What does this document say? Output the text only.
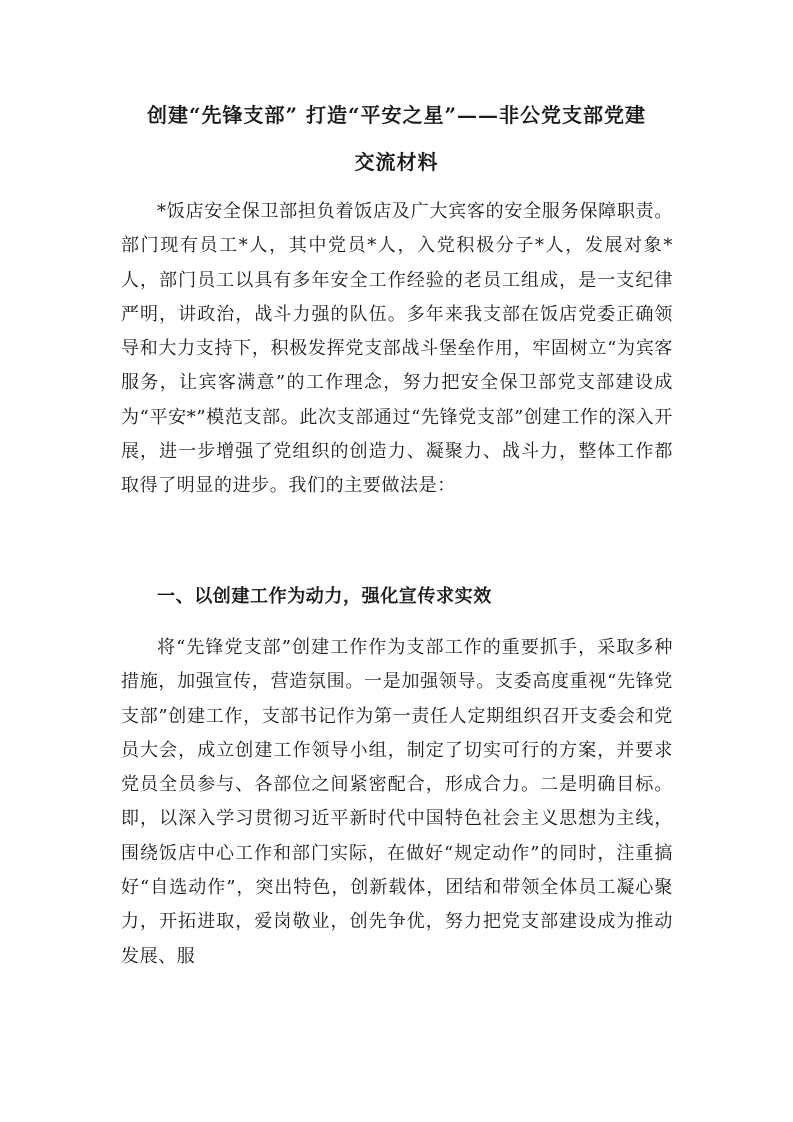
创建“先锋支部” 打造“平安之星”——非公党支部党建
交流材料
*饭店安全保卫部担负着饭店及广大宾客的安全服务保障职责。部门现有员工*人，其中党员*人，入党积极分子*人，发展对象*人，部门员工以具有多年安全工作经验的老员工组成，是一支纪律严明，讲政治，战斗力强的队伍。多年来我支部在饭店党委正确领导和大力支持下，积极发挥党支部战斗堡垒作用，牢固树立“为宾客服务，让宾客满意”的工作理念，努力把安全保卫部党支部建设成为“平安*”模范支部。此次支部通过“先锋党支部”创建工作的深入开展，进一步增强了党组织的创造力、凝聚力、战斗力，整体工作都取得了明显的进步。我们的主要做法是：
一、以创建工作为动力，强化宣传求实效
将“先锋党支部”创建工作作为支部工作的重要抓手，采取多种措施，加强宣传，营造氛围。一是加强领导。支委高度重视“先锋党支部”创建工作，支部书记作为第一责任人定期组织召开支委会和党员大会，成立创建工作领导小组，制定了切实可行的方案，并要求党员全员参与、各部位之间紧密配合，形成合力。二是明确目标。即，以深入学习贯彻习近平新时代中国特色社会主义思想为主线，围绕饭店中心工作和部门实际，在做好“规定动作”的同时，注重搞好“自选动作”，突出特色，创新载体，团结和带领全体员工凝心聚力，开拓进取，爱岗敬业，创先争优，努力把党支部建设成为推动发展、服
